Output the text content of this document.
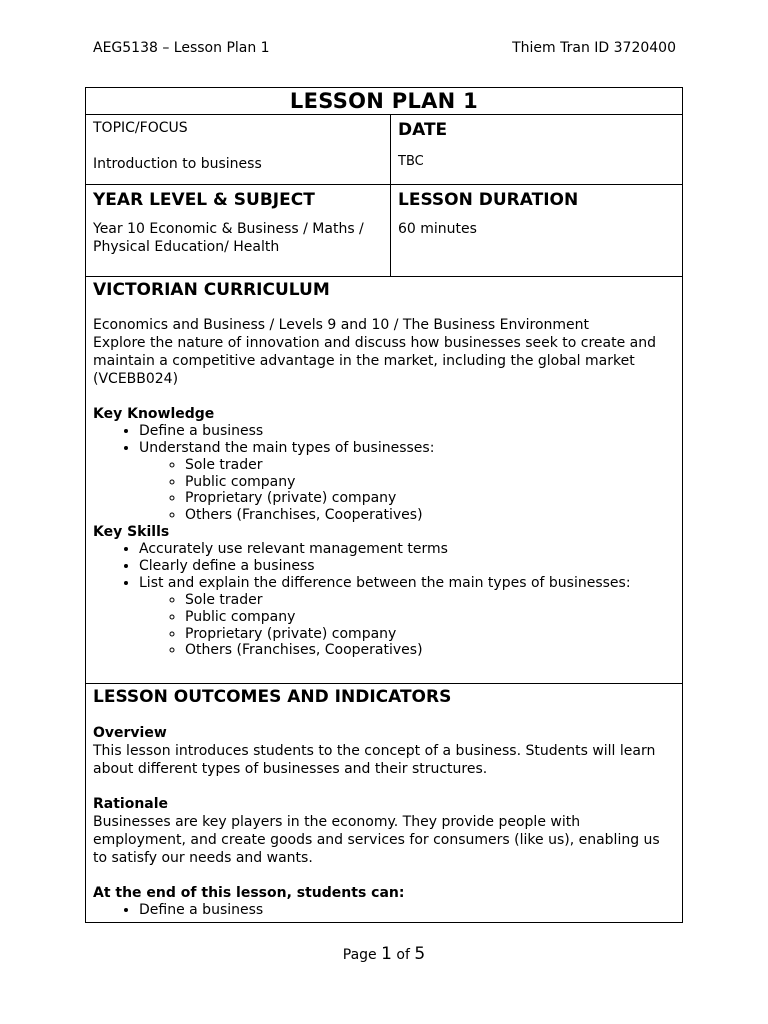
AEG5138 – Lesson Plan 1	Thiem Tran ID 3720400
LESSON PLAN 1
TOPIC/FOCUS
Introduction to business
DATE
TBC
YEAR LEVEL & SUBJECT
Year 10 Economic & Business / Maths /
Physical Education/ Health
LESSON DURATION
60 minutes
VICTORIAN CURRICULUM

Economics and Business / Levels 9 and 10 / The Business Environment

Explore the nature of innovation and discuss how businesses seek to create and

maintain a competitive advantage in the market, including the global market

(VCEBB024)

Key Knowledge
• Define a business
• Understand the main types of businesses:
◦ Sole trader
◦ Public company
◦ Proprietary (private) company
◦ Others (Franchises, Cooperatives)
Key Skills
• Accurately use relevant management terms
• Clearly define a business
• List and explain the difference between the main types of businesses:
◦ Sole trader
◦ Public company
◦ Proprietary (private) company
◦ Others (Franchises, Cooperatives)
LESSON OUTCOMES AND INDICATORS
Overview

This lesson introduces students to the concept of a business. Students will learn

about different types of businesses and their structures.

Rationale

Businesses are key players in the economy. They provide people with

employment, and create goods and services for consumers (like us), enabling us

to satisfy our needs and wants.

At the end of this lesson, students can:
• Define a business
Page 1 of 5
